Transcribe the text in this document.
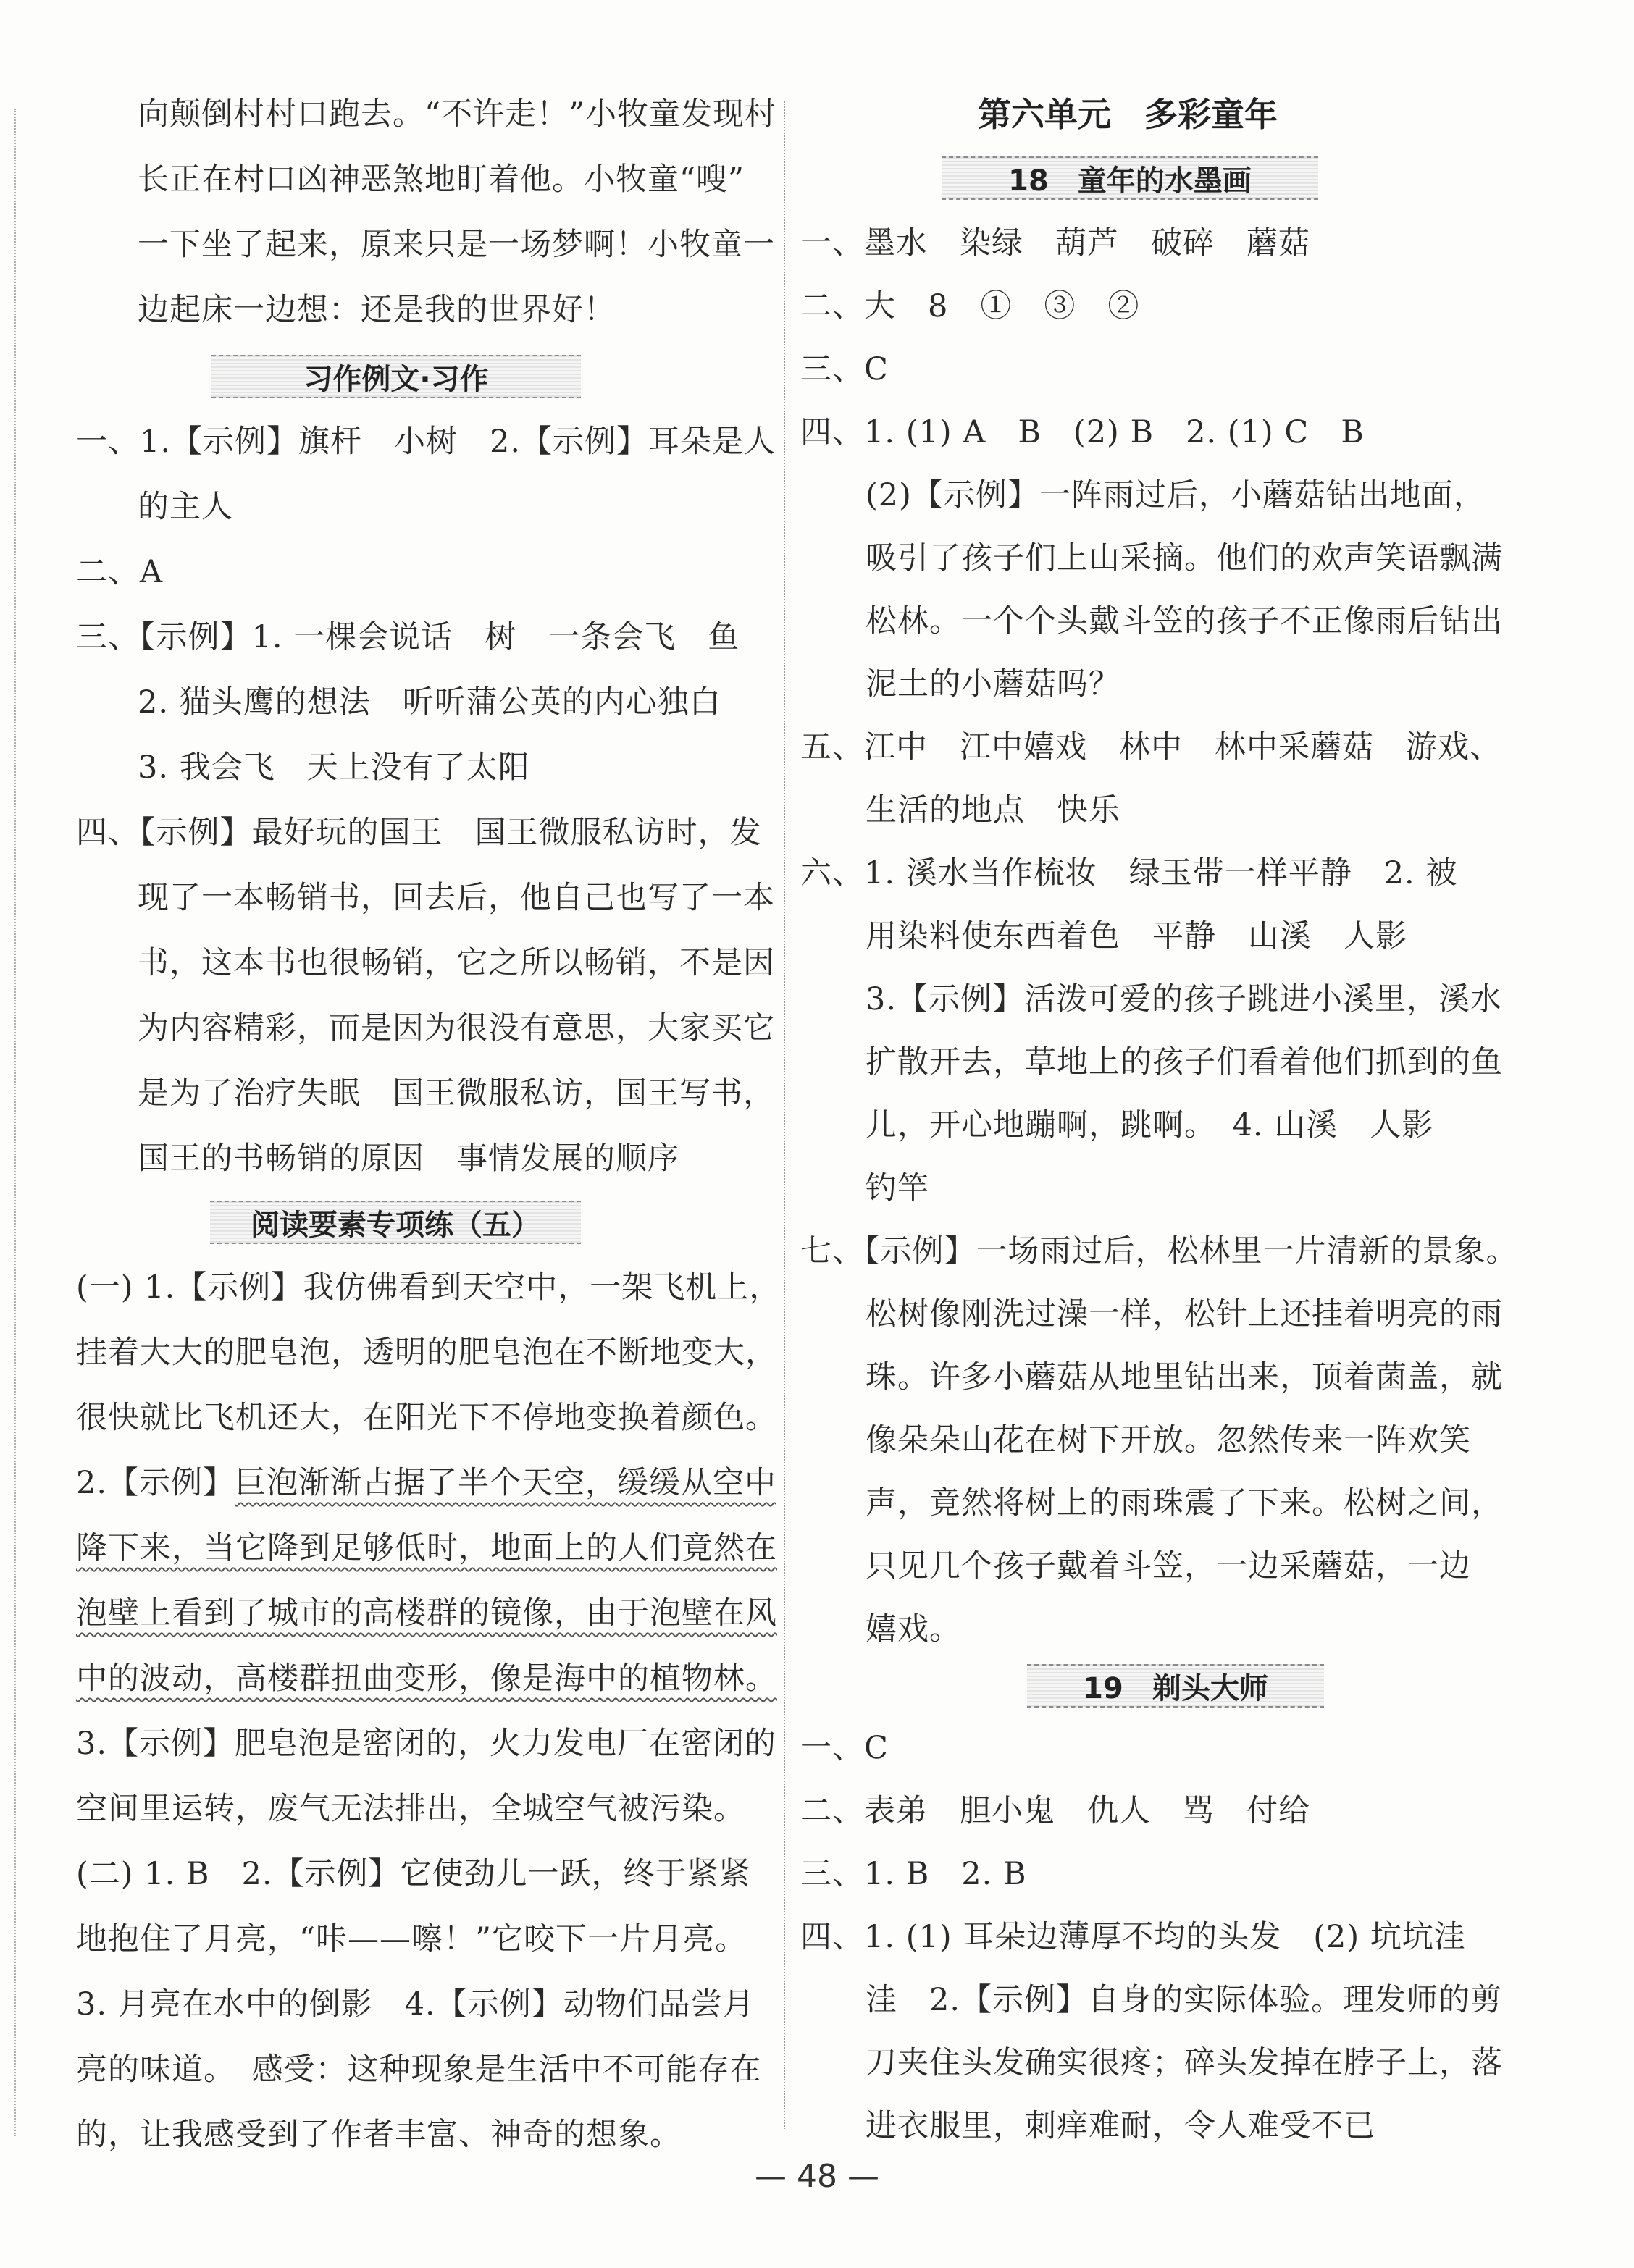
向颠倒村村口跑去。“不许走！”小牧童发现村
长正在村口凶神恶煞地盯着他。小牧童“嗖”
一下坐了起来，原来只是一场梦啊！小牧童一
边起床一边想：还是我的世界好！
习作例文·习作
一、1.【示例】旗杆　小树　2.【示例】耳朵是人
的主人
二、A
三、【示例】1. 一棵会说话　树　一条会飞　鱼
2. 猫头鹰的想法　听听蒲公英的内心独白
3. 我会飞　天上没有了太阳
四、【示例】最好玩的国王　国王微服私访时，发
现了一本畅销书，回去后，他自己也写了一本
书，这本书也很畅销，它之所以畅销，不是因
为内容精彩，而是因为很没有意思，大家买它
是为了治疗失眠　国王微服私访，国王写书，
国王的书畅销的原因　事情发展的顺序
阅读要素专项练（五）
(一) 1.【示例】我仿佛看到天空中，一架飞机上，
挂着大大的肥皂泡，透明的肥皂泡在不断地变大，
很快就比飞机还大，在阳光下不停地变换着颜色。
2.【示例】巨泡渐渐占据了半个天空，缓缓从空中
降下来，当它降到足够低时，地面上的人们竟然在
泡壁上看到了城市的高楼群的镜像，由于泡壁在风
中的波动，高楼群扭曲变形，像是海中的植物林。
3.【示例】肥皂泡是密闭的，火力发电厂在密闭的
空间里运转，废气无法排出，全城空气被污染。
(二) 1. B　2.【示例】它使劲儿一跃，终于紧紧
地抱住了月亮，“咔——嚓！”它咬下一片月亮。
3. 月亮在水中的倒影　4.【示例】动物们品尝月
亮的味道。　感受：这种现象是生活中不可能存在
的，让我感受到了作者丰富、神奇的想象。
第六单元　多彩童年
18　童年的水墨画
一、墨水　染绿　葫芦　破碎　蘑菇
二、大　8　①　③　②
三、C
四、1. (1) A　B　(2) B　2. (1) C　B
(2)【示例】一阵雨过后，小蘑菇钻出地面，
吸引了孩子们上山采摘。他们的欢声笑语飘满
松林。一个个头戴斗笠的孩子不正像雨后钻出
泥土的小蘑菇吗？
五、江中　江中嬉戏　林中　林中采蘑菇　游戏、
生活的地点　快乐
六、1. 溪水当作梳妆　绿玉带一样平静　2. 被
用染料使东西着色　平静　山溪　人影
3.【示例】活泼可爱的孩子跳进小溪里，溪水
扩散开去，草地上的孩子们看着他们抓到的鱼
儿，开心地蹦啊，跳啊。　4. 山溪　人影
钓竿
七、【示例】一场雨过后，松林里一片清新的景象。
松树像刚洗过澡一样，松针上还挂着明亮的雨
珠。许多小蘑菇从地里钻出来，顶着菌盖，就
像朵朵山花在树下开放。忽然传来一阵欢笑
声，竟然将树上的雨珠震了下来。松树之间，
只见几个孩子戴着斗笠，一边采蘑菇，一边
嬉戏。
19　剃头大师
一、C
二、表弟　胆小鬼　仇人　骂　付给
三、1. B　2. B
四、1. (1) 耳朵边薄厚不均的头发　(2) 坑坑洼
洼　2.【示例】自身的实际体验。理发师的剪
刀夹住头发确实很疼；碎头发掉在脖子上，落
进衣服里，刺痒难耐，令人难受不已
— 48 —
